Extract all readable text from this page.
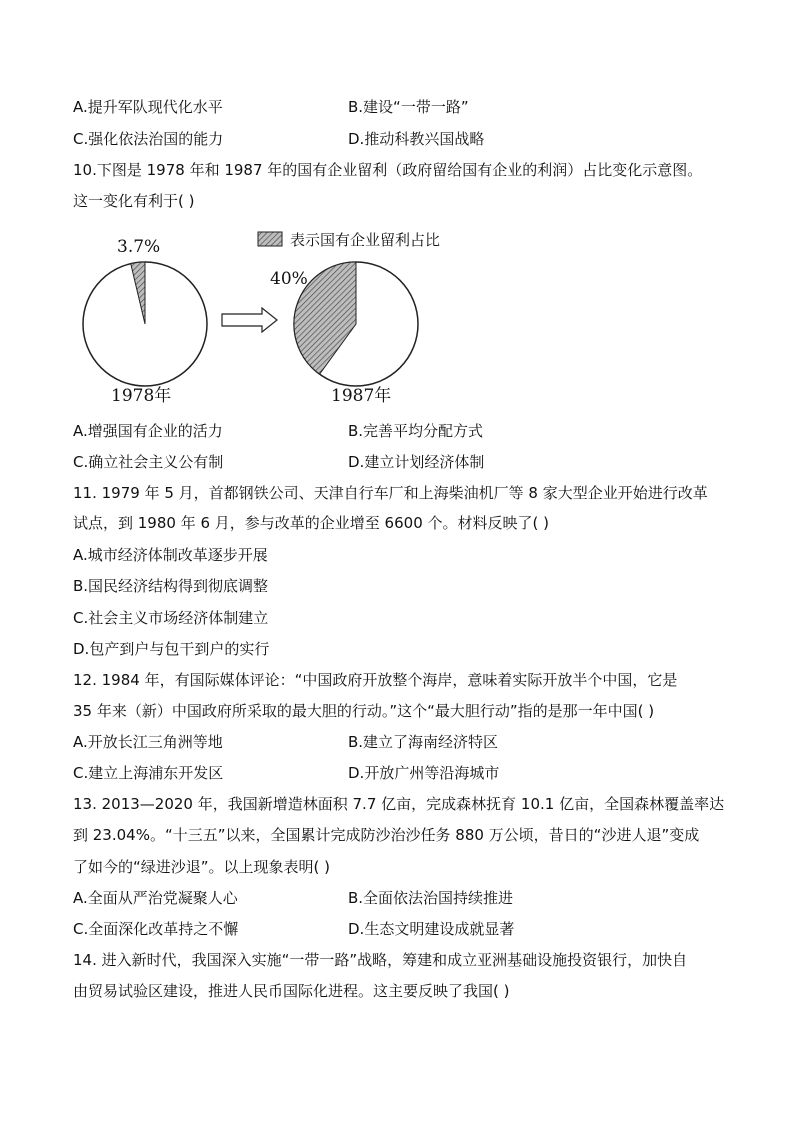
A.提升军队现代化水平	B.建设“一带一路”
C.强化依法治国的能力	D.推动科教兴国战略
10.下图是 1978 年和 1987 年的国有企业留利（政府留给国有企业的利润）占比变化示意图。
这一变化有利于( )
表示国有企业留利占比
3.7%
1978年
40%
1987年
A.增强国有企业的活力	B.完善平均分配方式
C.确立社会主义公有制	D.建立计划经济体制
11. 1979 年 5 月，首都钢铁公司、天津自行车厂和上海柴油机厂等 8 家大型企业开始进行改革
试点，到 1980 年 6 月，参与改革的企业增至 6600 个。材料反映了( )
A.城市经济体制改革逐步开展
B.国民经济结构得到彻底调整
C.社会主义市场经济体制建立
D.包产到户与包干到户的实行
12. 1984 年，有国际媒体评论：“中国政府开放整个海岸，意味着实际开放半个中国，它是
35 年来（新）中国政府所采取的最大胆的行动。”这个“最大胆行动”指的是那一年中国( )
A.开放长江三角洲等地	B.建立了海南经济特区
C.建立上海浦东开发区	D.开放广州等沿海城市
13. 2013—2020 年，我国新增造林面积 7.7 亿亩，完成森林抚育 10.1 亿亩，全国森林覆盖率达
到 23.04%。“十三五”以来，全国累计完成防沙治沙任务 880 万公顷，昔日的“沙进人退”变成
了如今的“绿进沙退”。以上现象表明( )
A.全面从严治党凝聚人心	B.全面依法治国持续推进
C.全面深化改革持之不懈	D.生态文明建设成就显著
14. 进入新时代，我国深入实施“一带一路”战略，筹建和成立亚洲基础设施投资银行，加快自
由贸易试验区建设，推进人民币国际化进程。这主要反映了我国( )
